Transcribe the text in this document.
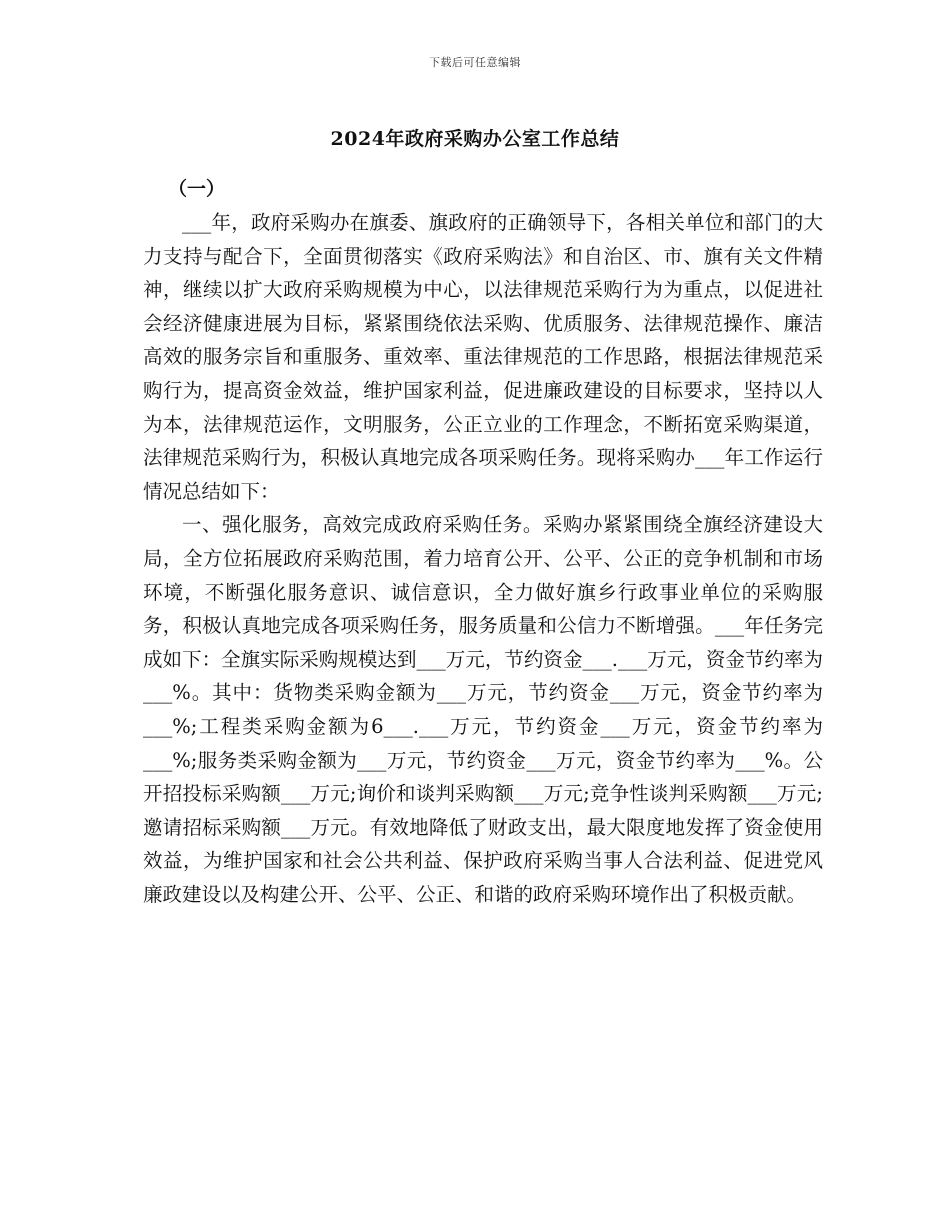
下载后可任意编辑
2024年政府采购办公室工作总结
（一）

___年，政府采购办在旗委、旗政府的正确领导下，各相关单位和部门的大力支持与配合下，全面贯彻落实《政府采购法》和自治区、市、旗有关文件精神，继续以扩大政府采购规模为中心，以法律规范采购行为为重点，以促进社会经济健康进展为目标，紧紧围绕依法采购、优质服务、法律规范操作、廉洁高效的服务宗旨和重服务、重效率、重法律规范的工作思路，根据法律规范采购行为，提高资金效益，维护国家利益，促进廉政建设的目标要求，坚持以人为本，法律规范运作，文明服务，公正立业的工作理念，不断拓宽采购渠道，法律规范采购行为，积极认真地完成各项采购任务。现将采购办___年工作运行情况总结如下：

一、强化服务，高效完成政府采购任务。采购办紧紧围绕全旗经济建设大局，全方位拓展政府采购范围，着力培育公开、公平、公正的竞争机制和市场环境，不断强化服务意识、诚信意识，全力做好旗乡行政事业单位的采购服务，积极认真地完成各项采购任务，服务质量和公信力不断增强。___年任务完成如下：全旗实际采购规模达到___万元，节约资金___.___万元，资金节约率为___%。其中：货物类采购金额为___万元，节约资金___万元，资金节约率为___%;工程类采购金额为6___.___万元，节约资金___万元，资金节约率为___%;服务类采购金额为___万元，节约资金___万元，资金节约率为___%。公开招投标采购额___万元;询价和谈判采购额___万元;竞争性谈判采购额___万元;邀请招标采购额___万元。有效地降低了财政支出，最大限度地发挥了资金使用效益，为维护国家和社会公共利益、保护政府采购当事人合法利益、促进党风廉政建设以及构建公开、公平、公正、和谐的政府采购环境作出了积极贡献。
